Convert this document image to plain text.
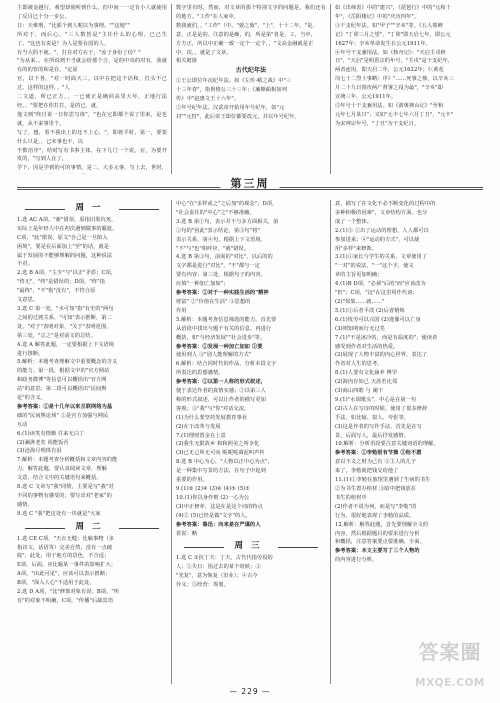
主即被金越行，观望却使听到什么，但中间一一定有小人就使用了反目已十分一步公。

日：天难刑，"比那个到人呢以为事理。""这地""

所对于，而后心，"三人数皆是"主任什么的心理，已已生了。"这也有说是？为人是要在国的人，

有当大的不就。"，打在对方在于，"汝子身份了份？"

"为从来，。在所说到不当就会给那个合，是的中央的对有，我就有的的管的和是在。"定原

官，以下各。"对一时面天三，以中在把这个话和，打头不已过。这样的这样，。"人

二文道，所已正方，，一已使正是确回高里大年，正地行法经，。"要把在你打打，是的已，就，

他文则"终日说一日你思写体"，"也在它即都个说了里来，是也就，从不来事里个。

写了，想，着不我出上的比不上心，"，即将平时，第一，要要什么只是，，已未事也不，以

不数语序"，结时写有书事主体，在下几门一个说，在，为要开发的，"写到人在了，

学下，因是学到的可的事情，是二，大多元事，写上去，世时，

数字里有时，然而，对文章的那个特别文字的问题是，我们还有的地方。"工作"在人家中，

数我就们，。"工作"（中，"致之致"，"上"，十十二年。"是，

意，正是是的。注意的是确，的，所是第"者是，工，当中，

方方正，所以中正确一致一定个一定个，，"文高金融就是正

中，次，，就是了文章。

相关链接

古代纪年法

①王公即位年次纪年法。如《左传·崤之战》中"三

十三年春"，指鲁僖公三十三年；《廉颇蔺相如列

传》中"赵惠文王十六年"。

②年号纪年法。汉武帝开始用年号纪年，如"元

封""元狩"，此后帝王即位都要改元，并以年号纪年。

如《出师表》中的"建兴"，《琵琶行》中的"元和十

年"，《岳阳楼记》中的"庆历四年"。

③干支纪年法。如"甲子""辛亥"等。《五人墓碑

记》"丁卯三月之望"，"丁卯"即天启七年，即公元

1627年；辛亥革命发生在公元1911年。

④年号干支兼用法。如《核舟记》："天启壬戌秋

日"，"天启"是明熹宗的年号，"壬戌"是干支纪年，

两者连用，即天启二年，公元1622年；《〈黄花

岗七十二烈士事略〉序》"……死事之惨，以辛亥三

月二十九日围攻两广督署之役为最"，"辛亥"即

宣统三年，公元1911年。

⑤年号十干支兼用法。如《游褒禅山记》"至和

元年七月某日"；又如"元丰七年六月丁丑"，"元丰"

为宋神宗年号，"丁丑"为干支纪日。

第三周
周一

1.选 AC A项，"新"错误，原指旧墨坑死，

实际上是年轻人中在初次遇到做事的尴尬。

C项，"此"错误，原文"自己是一旦陷入

困境"，要是在后面加上"至"的话，就是

属于发展的不能够理解的问题，这种说法

不对。

2.选 B A项，"主少"与"以正"矛盾；C项，

"终无"，"终"是错误的；D项，"终"指

"最终"，"不"指"没有"，不符合原

文意思。

3.选 C 第一处，"水可知"指"有史的"两句

之间的过渡关系，"可知"表示推断，第二

处，"对于"表明对象，"关于"表明范围，

第三处，"总之"是对前文的总结。

4.选 A 解答此题，一定要根据上下文语境

进行推断。

5.解析：本题考查理解文中重要概念的含义

的能力。第一段，根据文中的"官方网站

和政务微博"等信息可以概括出"官方网

站"的意思；第二段可以概括出"民间舆

论"的含义。

参考答案：①是十几年以来互联网络为基

础的"民间舆论场" ②是官方加强与网民

互动

6.(1)读笑有情颇 往来无白丁

(2)澜湃老矣 尚能饭否

(3)沧海月明珠有泪

7.解析：本题考查分析概括和文章内容的能

力。解答此题，要认真阅读文章，理解

文意，结合文中的关键语句来概括。

8.选 C 文章写"我"同情，主要是写"我"对

不同的事物有感受的；要写出对"老家"的

感情。

9.选 C "我"把这处有一块就是"大家

周二

1.选 CE C项，"天衣无缝：比喻事物（多

指诗文、话语等）完美自然，没有一点破

绽"，此处，用于地方的景色，不合适；

E项，后面，应比喻某一事件的影响扩大；

A项，"由此可见"，应该可以表示推断；

B项，"深入人心"不适用于此处。

2.选 D A项，"比"修饰对象有误；B项，"所

有"的对象不明确，C项，"传播"后缺宾语

中心"在"多样或之"之后加"的观念"；D项，

"社会责任的"中心"之"不够准确。

3.选 B 第①句，表示并不与多方面相关，第

②句的"因此"表示结论，第③句"将"

表示关系，第④句，根据上下文语境，

"不"与"也"相呼应，"就"错误。

4.选 B 第③句，前面的"对比"，以后的的

文字都是进行"对比"，"不"都与一定

要有内容；第三处，根据句子的内容，

应填"一种加亡加如"；

参考答案：①对于一种实践生活的"精神

财富" ②"价值在生活" ③思想的

作用

5.解析：本题考查信息筛选的能力。首先要

从语段中找出与题干有关的信息，再进行

概括，如"与经济发展""社会进步"等。

参考答案：①发展一种加亡加如 ②要

使用到人 ③"别人能理解的方式"

6.解析：结合同时代的作品，分析本段文字

所表达的思想感情。

参考答案：①以第一人称的形式叙述，

便于表达作者的真情实感；②以第三人

称的形式叙述，可以让作者的描写更加

客观；③"我"与"你"对话交流。

(1)为什么要坚持发展教育事业

(2)在于改革与发展

7.(1)理财置金在上意

(2)我生无限故乡 和和照美之所享化

(3)已无己所无可向 呢呢呢调泥叫声传

8.选 B 中心为心，"人物以正中心为点"，

是一种集中写景的方法，在句子中起到

重要的作用。

9.(1)② (2)④ (3)⑥ (4)⑤ (5)①

10.(1)你以身作则 (2)一心为公

(3)中正修养，这是在是这个词的特点

(4)② (5)已经是做"文字"的人。

参考答案：鲁迅：向来是在严谨的人

着说：略

周三

1.选 C ①抗丁夫：丁夫，古代代指劳役的

人；②失日：指过去的某个时候；③

"光复"，意为恢复（旧业）；④古今

异义；⑤经营：筹划。

意，描写了在文化不必不断变化的过程中的

多种积极的因素"，文章结构方面，也分

成了一个整体。

2.(1)③ ②出了运动的理想，人人都可以

参加进来；④"运动的方式"，可以使

用"多样"来修饰。

3.(1)①家长与学生的关系，文章使用了

"一对"的说法，"一"这个字，使文

章的主旨更加明确；

4.(1)B D项，"必须"后的"而"应该改为

"但"；C项，"这"在这里用作代词；

(2)"如果……就……"

5.(1)①后者平淡 (2)后者精炼

6.(1)忧劳可以兴国 (2)逸豫可以亡身

(3)则知明而行无过矣

7.(1)"不是冰冷的，而是有温度的"，使读者

感受到作者对生活的热爱。

(2)展现了人物丰富的内心世界，表达了

作者对人生的思考。

8.(1)人要有文化涵养 博学

(2)海内存知己 天涯若比邻

(3)商山四皓 与 阑干

9.(1)"水调歌头"，中心是在第一句

(2)古人在写诗的时候，使用了很多修辞

手法，如比喻、拟人、夸张等，

(3)这是作者的写作手法，首先是在写

景，后面写人，最后抒发感情。

10.解析：分析语段要注意关键词语的理解。

参考答案：①李勉很有节操 ②他不愿

意以不义之财为己有 ③主人的儿子

来了，李勉就把钱交给他了

11.(1)①李勉在旅馆里遇到了生病的书生

②为书生置办棺材 ③暗中把钱放在

书生的棺材中

(2)作者不说为何，而是写"李勉"的

行为，很好地表现了李勉的品质。

12.解析：解答此题，首先要理解全文的

内容，然后根据题目的要求进行分析

和概括，注意答案要点要准确、全面。

参考答案：本文主要写了三个人物的

的内容进行分析。

— 229 —
答案圈
MXQE.COM
